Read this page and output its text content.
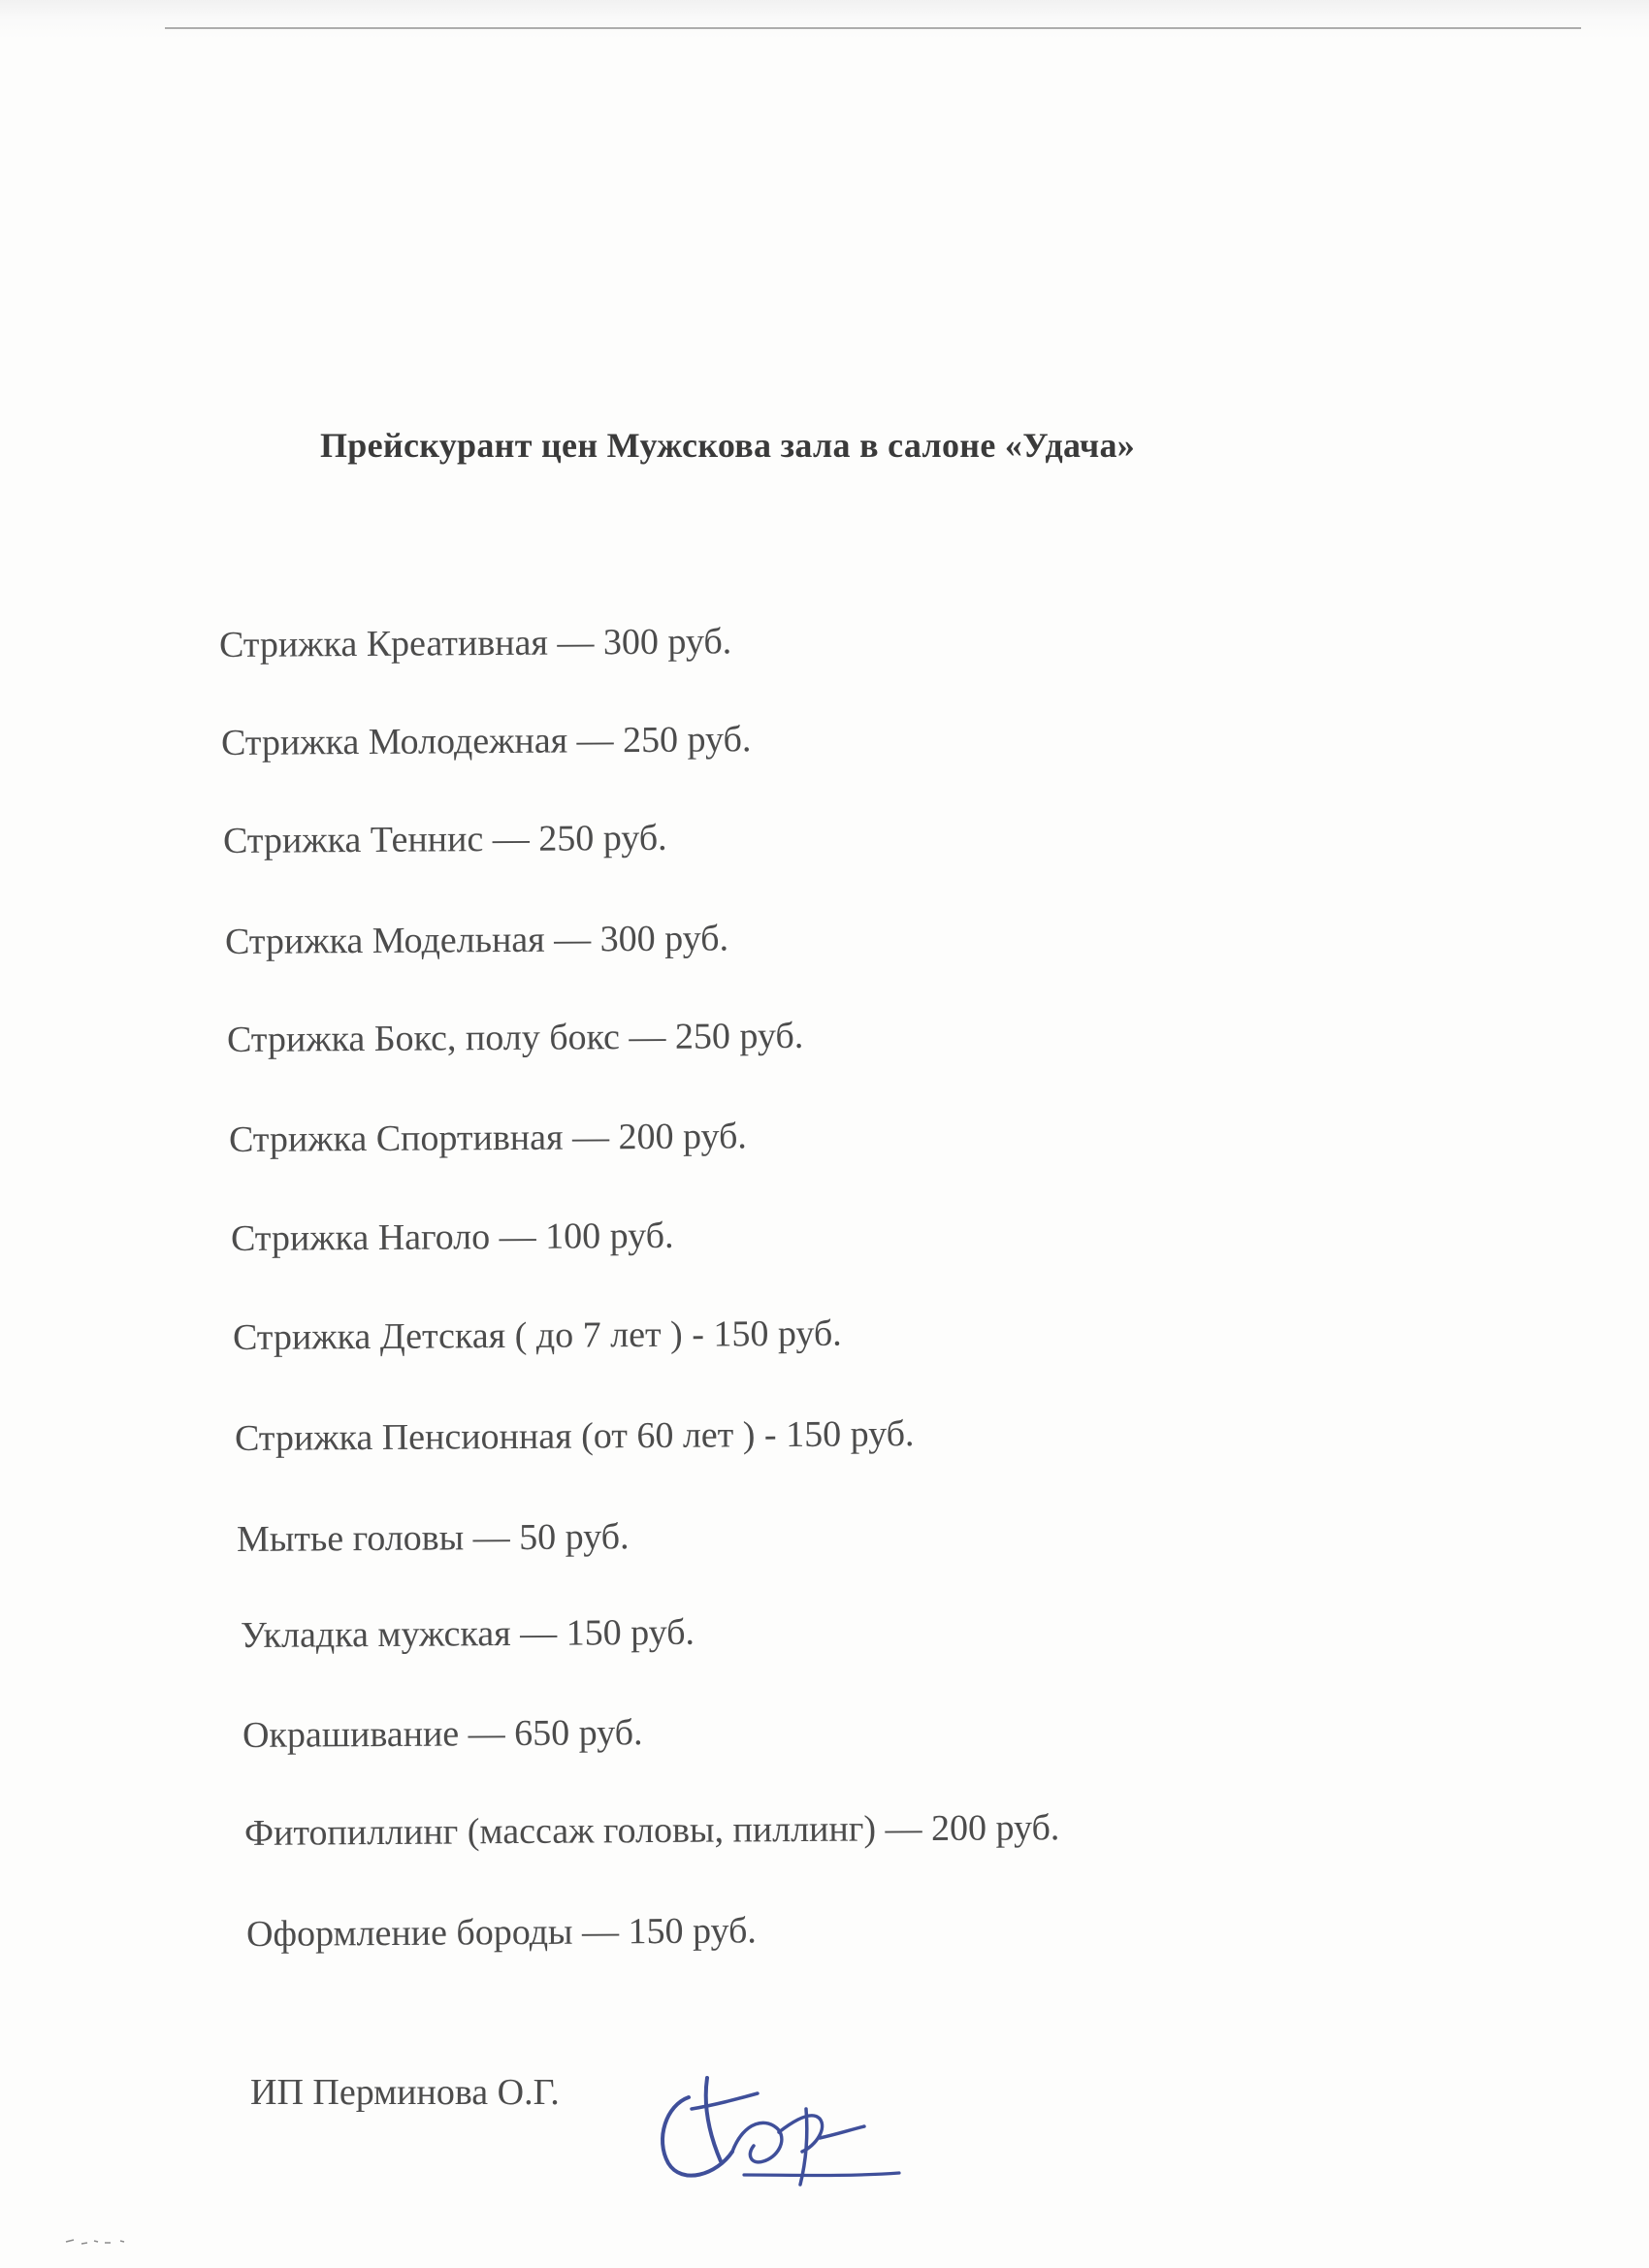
Прейскурант цен Мужскова зала в салоне «Удача»
Стрижка Креативная — 300 руб.
Стрижка Молодежная — 250 руб.
Стрижка Теннис — 250 руб.
Стрижка Модельная — 300 руб.
Стрижка Бокс, полу бокс — 250 руб.
Стрижка Спортивная — 200 руб.
Стрижка Наголо — 100 руб.
Стрижка Детская ( до 7 лет ) - 150 руб.
Стрижка Пенсионная (от 60 лет ) - 150 руб.
Мытье головы — 50 руб.
Укладка мужская — 150 руб.
Окрашивание — 650 руб.
Фитопиллинг (массаж головы, пиллинг) — 200 руб.
Оформление бороды — 150 руб.
ИП Перминова О.Г.
